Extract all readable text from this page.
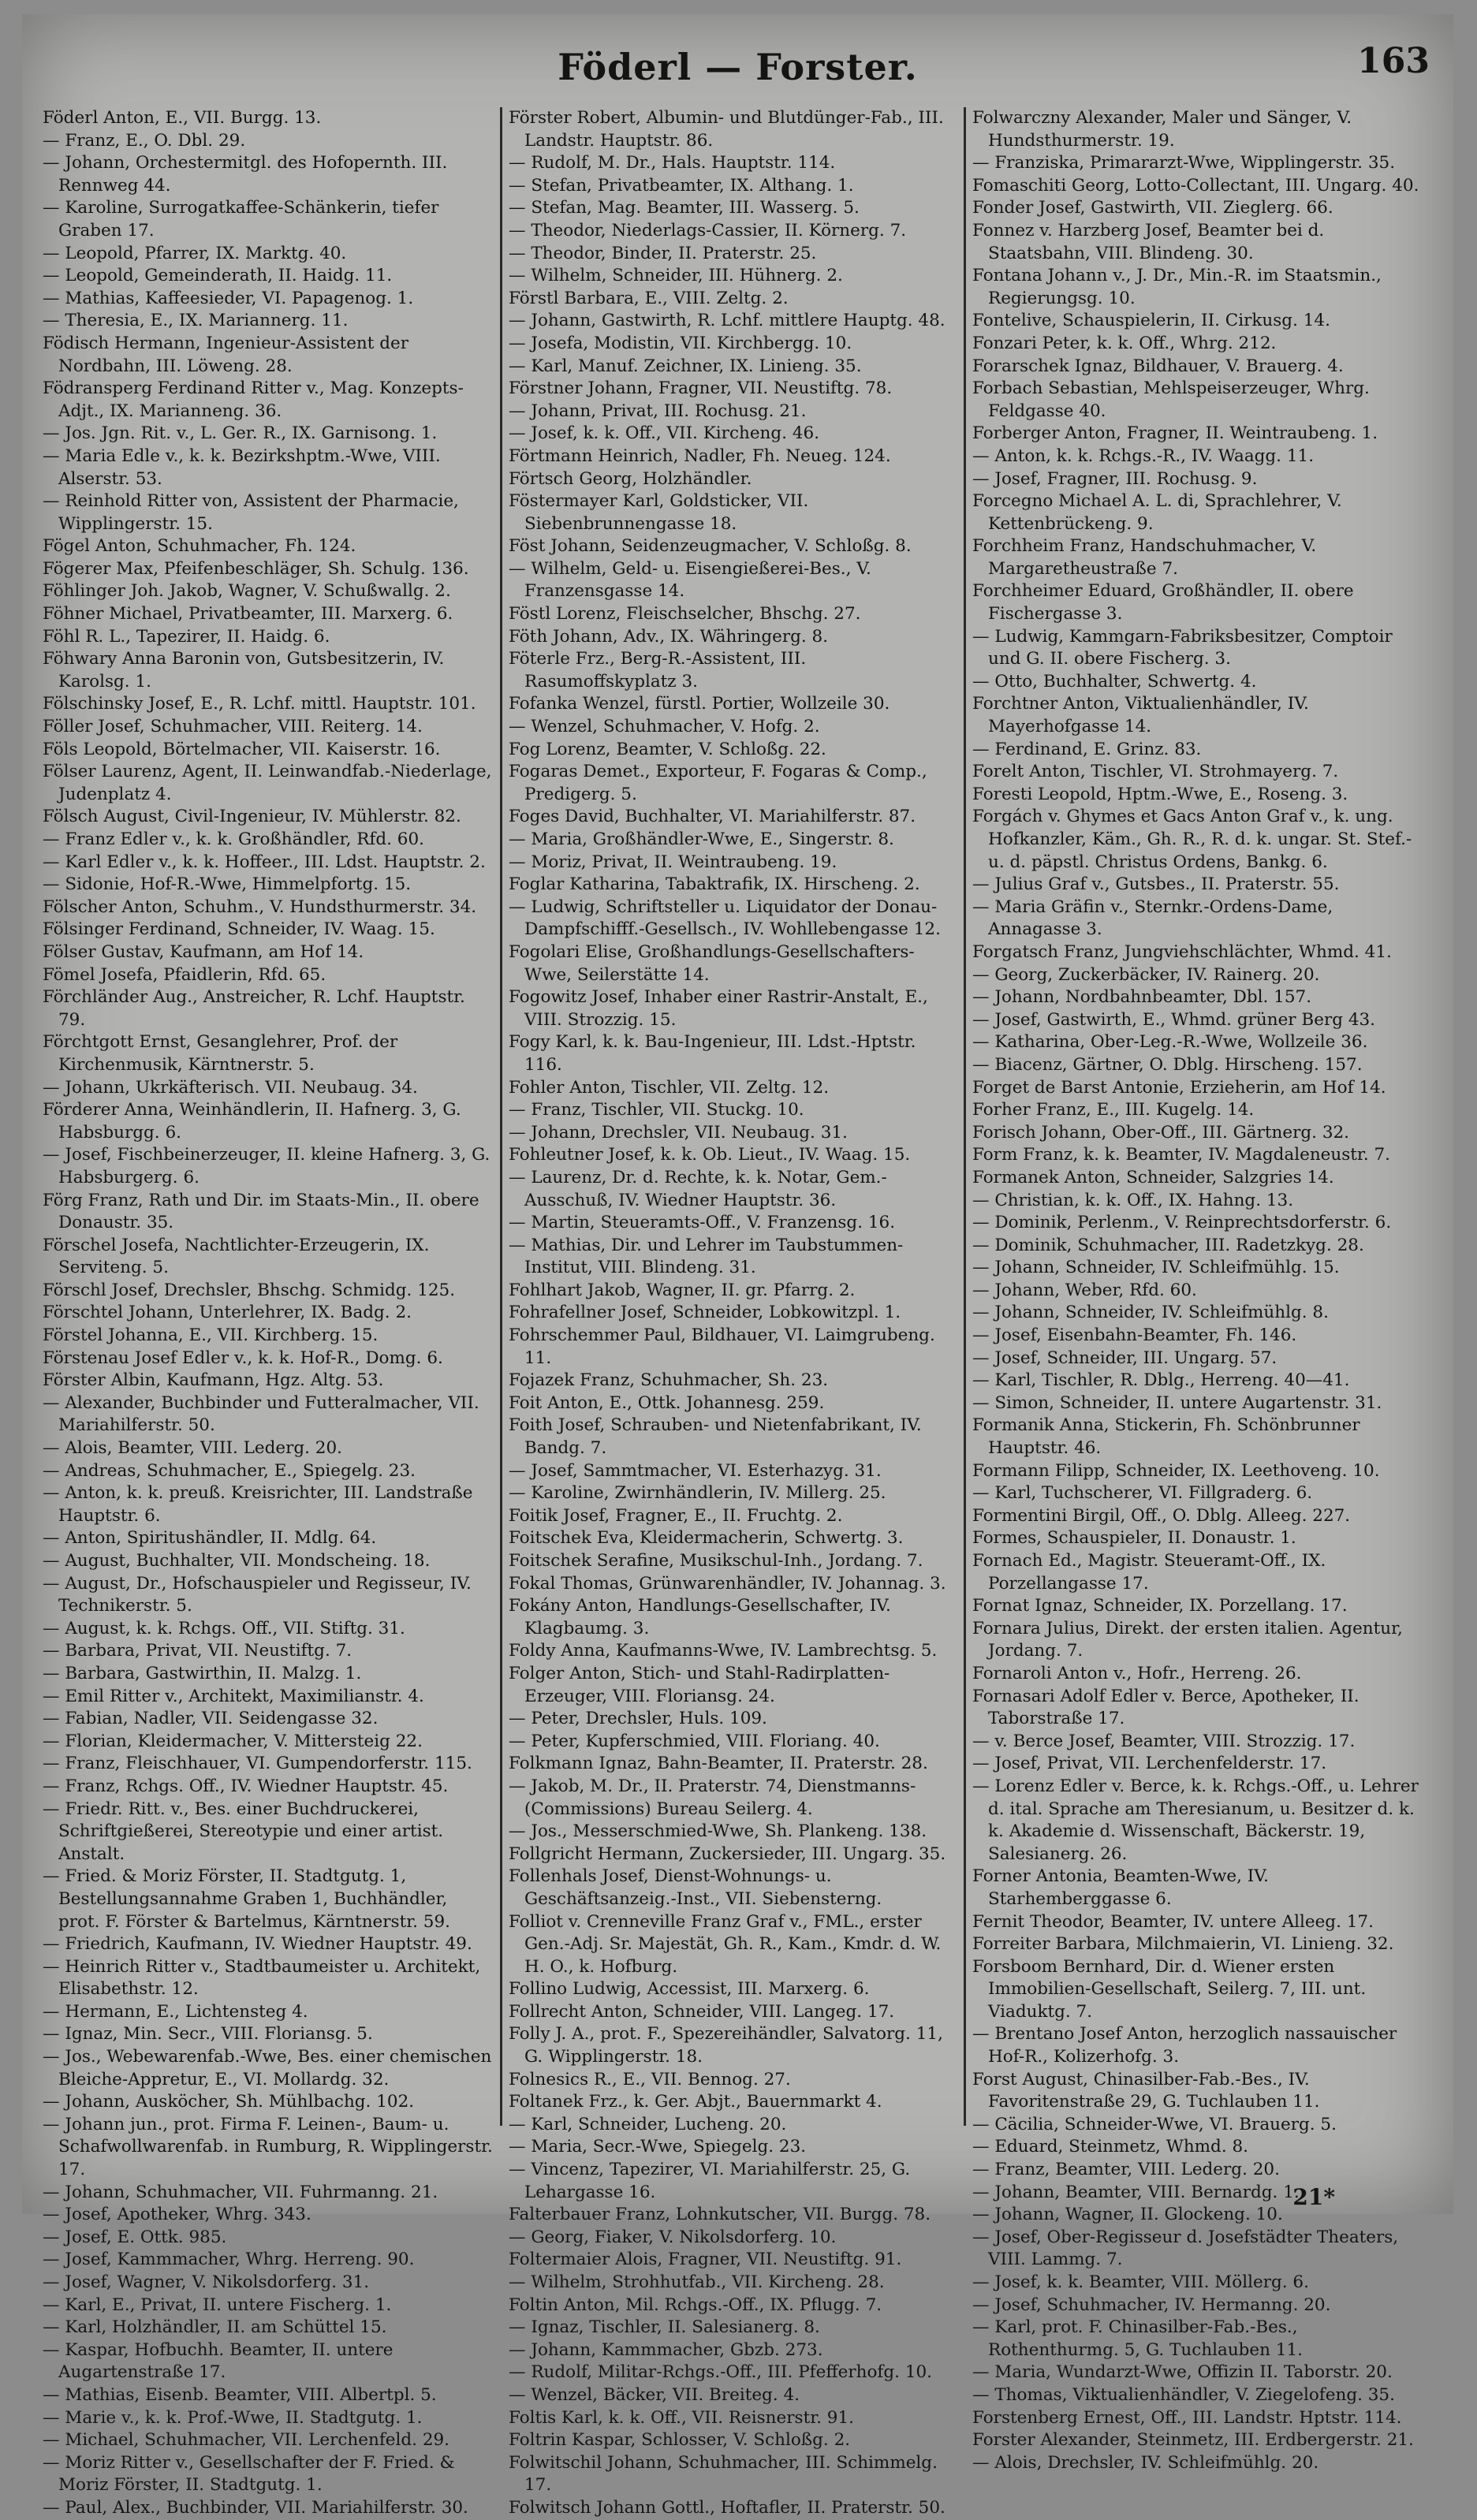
Föderl — Forster.	163

Föderl Anton, E., VII. Burgg. 13.

— Franz, E., O. Dbl. 29.

— Johann, Orchestermitgl. des Hofopernth. III. Rennweg 44.

— Karoline, Surrogatkaffee-Schänkerin, tiefer Graben 17.

— Leopold, Pfarrer, IX. Marktg. 40.

— Leopold, Gemeinderath, II. Haidg. 11.

— Mathias, Kaffeesieder, VI. Papagenog. 1.

— Theresia, E., IX. Mariannerg. 11.

Födisch Hermann, Ingenieur-Assistent der Nordbahn, III. Löweng. 28.

Födransperg Ferdinand Ritter v., Mag. Konzepts-Adjt., IX. Marianneng. 36.

— Jos. Jgn. Rit. v., L. Ger. R., IX. Garnisong. 1.

— Maria Edle v., k. k. Bezirkshptm.-Wwe, VIII. Alserstr. 53.

— Reinhold Ritter von, Assistent der Pharmacie, Wipplingerstr. 15.

Fögel Anton, Schuhmacher, Fh. 124.

Fögerer Max, Pfeifenbeschläger, Sh. Schulg. 136.

Föhlinger Joh. Jakob, Wagner, V. Schußwallg. 2.

Föhner Michael, Privatbeamter, III. Marxerg. 6.

Föhl R. L., Tapezirer, II. Haidg. 6.

Föhwary Anna Baronin von, Gutsbesitzerin, IV. Karolsg. 1.

Fölschinsky Josef, E., R. Lchf. mittl. Hauptstr. 101.

Föller Josef, Schuhmacher, VIII. Reiterg. 14.

Föls Leopold, Börtelmacher, VII. Kaiserstr. 16.

Fölser Laurenz, Agent, II. Leinwandfab.-Niederlage, Judenplatz 4.

Fölsch August, Civil-Ingenieur, IV. Mühlerstr. 82.

— Franz Edler v., k. k. Großhändler, Rfd. 60.

— Karl Edler v., k. k. Hoffeer., III. Ldst. Hauptstr. 2.

— Sidonie, Hof-R.-Wwe, Himmelpfortg. 15.

Fölscher Anton, Schuhm., V. Hundsthurmerstr. 34.

Fölsinger Ferdinand, Schneider, IV. Waag. 15.

Fölser Gustav, Kaufmann, am Hof 14.

Fömel Josefa, Pfaidlerin, Rfd. 65.

Förchländer Aug., Anstreicher, R. Lchf. Hauptstr. 79.

Förchtgott Ernst, Gesanglehrer, Prof. der Kirchenmusik, Kärntnerstr. 5.

— Johann, Ukrkäfterisch. VII. Neubaug. 34.

Förderer Anna, Weinhändlerin, II. Hafnerg. 3, G. Habsburgg. 6.

— Josef, Fischbeinerzeuger, II. kleine Hafnerg. 3, G. Habsburgerg. 6.

Förg Franz, Rath und Dir. im Staats-Min., II. obere Donaustr. 35.

Förschel Josefa, Nachtlichter-Erzeugerin, IX. Serviteng. 5.

Förschl Josef, Drechsler, Bhschg. Schmidg. 125.

Förschtel Johann, Unterlehrer, IX. Badg. 2.

Förstel Johanna, E., VII. Kirchberg. 15.

Förstenau Josef Edler v., k. k. Hof-R., Domg. 6.

Förster Albin, Kaufmann, Hgz. Altg. 53.

— Alexander, Buchbinder und Futteralmacher, VII. Mariahilferstr. 50.

— Alois, Beamter, VIII. Lederg. 20.

— Andreas, Schuhmacher, E., Spiegelg. 23.

— Anton, k. k. preuß. Kreisrichter, III. Landstraße Hauptstr. 6.

— Anton, Spiritushändler, II. Mdlg. 64.

— August, Buchhalter, VII. Mondscheing. 18.

— August, Dr., Hofschauspieler und Regisseur, IV. Technikerstr. 5.

— August, k. k. Rchgs. Off., VII. Stiftg. 31.

— Barbara, Privat, VII. Neustiftg. 7.

— Barbara, Gastwirthin, II. Malzg. 1.

— Emil Ritter v., Architekt, Maximilianstr. 4.

— Fabian, Nadler, VII. Seidengasse 32.

— Florian, Kleidermacher, V. Mittersteig 22.

— Franz, Fleischhauer, VI. Gumpendorferstr. 115.

— Franz, Rchgs. Off., IV. Wiedner Hauptstr. 45.

— Friedr. Ritt. v., Bes. einer Buchdruckerei, Schriftgießerei, Stereotypie und einer artist. Anstalt.

— Fried. & Moriz Förster, II. Stadtgutg. 1, Bestellungsannahme Graben 1, Buchhändler, prot. F. Förster & Bartelmus, Kärntnerstr. 59.

— Friedrich, Kaufmann, IV. Wiedner Hauptstr. 49.

— Heinrich Ritter v., Stadtbaumeister u. Architekt, Elisabethstr. 12.

— Hermann, E., Lichtensteg 4.

— Ignaz, Min. Secr., VIII. Floriansg. 5.

— Jos., Webewarenfab.-Wwe, Bes. einer chemischen Bleiche-Appretur, E., VI. Mollardg. 32.

— Johann, Ausköcher, Sh. Mühlbachg. 102.

— Johann jun., prot. Firma F. Leinen-, Baum- u. Schafwollwarenfab. in Rumburg, R. Wipplingerstr. 17.

— Johann, Schuhmacher, VII. Fuhrmanng. 21.

— Josef, Apotheker, Whrg. 343.

— Josef, E. Ottk. 985.

— Josef, Kammmacher, Whrg. Herreng. 90.

— Josef, Wagner, V. Nikolsdorferg. 31.

— Karl, E., Privat, II. untere Fischerg. 1.

— Karl, Holzhändler, II. am Schüttel 15.

— Kaspar, Hofbuchh. Beamter, II. untere Augartenstraße 17.

— Mathias, Eisenb. Beamter, VIII. Albertpl. 5.

— Marie v., k. k. Prof.-Wwe, II. Stadtgutg. 1.

— Michael, Schuhmacher, VII. Lerchenfeld. 29.

— Moriz Ritter v., Gesellschafter der F. Fried. & Moriz Förster, II. Stadtgutg. 1.

— Paul, Alex., Buchbinder, VII. Mariahilferstr. 30.

Förster Robert, Albumin- und Blutdünger-Fab., III. Landstr. Hauptstr. 86.

— Rudolf, M. Dr., Hals. Hauptstr. 114.

— Stefan, Privatbeamter, IX. Althang. 1.

— Stefan, Mag. Beamter, III. Wasserg. 5.

— Theodor, Niederlags-Cassier, II. Körnerg. 7.

— Theodor, Binder, II. Praterstr. 25.

— Wilhelm, Schneider, III. Hühnerg. 2.

Förstl Barbara, E., VIII. Zeltg. 2.

— Johann, Gastwirth, R. Lchf. mittlere Hauptg. 48.

— Josefa, Modistin, VII. Kirchbergg. 10.

— Karl, Manuf. Zeichner, IX. Linieng. 35.

Förstner Johann, Fragner, VII. Neustiftg. 78.

— Johann, Privat, III. Rochusg. 21.

— Josef, k. k. Off., VII. Kircheng. 46.

Förtmann Heinrich, Nadler, Fh. Neueg. 124.

Förtsch Georg, Holzhändler.

Föstermayer Karl, Goldsticker, VII. Siebenbrunnengasse 18.

Föst Johann, Seidenzeugmacher, V. Schloßg. 8.

— Wilhelm, Geld- u. Eisengießerei-Bes., V. Franzensgasse 14.

Föstl Lorenz, Fleischselcher, Bhschg. 27.

Föth Johann, Adv., IX. Währingerg. 8.

Föterle Frz., Berg-R.-Assistent, III. Rasumoffskyplatz 3.

Fofanka Wenzel, fürstl. Portier, Wollzeile 30.

— Wenzel, Schuhmacher, V. Hofg. 2.

Fog Lorenz, Beamter, V. Schloßg. 22.

Fogaras Demet., Exporteur, F. Fogaras & Comp., Predigerg. 5.

Foges David, Buchhalter, VI. Mariahilferstr. 87.

— Maria, Großhändler-Wwe, E., Singerstr. 8.

— Moriz, Privat, II. Weintraubeng. 19.

Foglar Katharina, Tabaktrafik, IX. Hirscheng. 2.

— Ludwig, Schriftsteller u. Liquidator der Donau-Dampfschifff.-Gesellsch., IV. Wohllebengasse 12.

Fogolari Elise, Großhandlungs-Gesellschafters-Wwe, Seilerstätte 14.

Fogowitz Josef, Inhaber einer Rastrir-Anstalt, E., VIII. Strozzig. 15.

Fogy Karl, k. k. Bau-Ingenieur, III. Ldst.-Hptstr. 116.

Fohler Anton, Tischler, VII. Zeltg. 12.

— Franz, Tischler, VII. Stuckg. 10.

— Johann, Drechsler, VII. Neubaug. 31.

Fohleutner Josef, k. k. Ob. Lieut., IV. Waag. 15.

— Laurenz, Dr. d. Rechte, k. k. Notar, Gem.-Ausschuß, IV. Wiedner Hauptstr. 36.

— Martin, Steueramts-Off., V. Franzensg. 16.

— Mathias, Dir. und Lehrer im Taubstummen-Institut, VIII. Blindeng. 31.

Fohlhart Jakob, Wagner, II. gr. Pfarrg. 2.

Fohrafellner Josef, Schneider, Lobkowitzpl. 1.

Fohrschemmer Paul, Bildhauer, VI. Laimgrubeng. 11.

Fojazek Franz, Schuhmacher, Sh. 23.

Foit Anton, E., Ottk. Johannesg. 259.

Foith Josef, Schrauben- und Nietenfabrikant, IV. Bandg. 7.

— Josef, Sammtmacher, VI. Esterhazyg. 31.

— Karoline, Zwirnhändlerin, IV. Millerg. 25.

Foitik Josef, Fragner, E., II. Fruchtg. 2.

Foitschek Eva, Kleidermacherin, Schwertg. 3.

Foitschek Serafine, Musikschul-Inh., Jordang. 7.

Fokal Thomas, Grünwarenhändler, IV. Johannag. 3.

Fokány Anton, Handlungs-Gesellschafter, IV. Klagbaumg. 3.

Foldy Anna, Kaufmanns-Wwe, IV. Lambrechtsg. 5.

Folger Anton, Stich- und Stahl-Radirplatten-Erzeuger, VIII. Floriansg. 24.

— Peter, Drechsler, Huls. 109.

— Peter, Kupferschmied, VIII. Floriang. 40.

Folkmann Ignaz, Bahn-Beamter, II. Praterstr. 28.

— Jakob, M. Dr., II. Praterstr. 74, Dienstmanns-(Commissions) Bureau Seilerg. 4.

— Jos., Messerschmied-Wwe, Sh. Plankeng. 138.

Follgricht Hermann, Zuckersieder, III. Ungarg. 35.

Follenhals Josef, Dienst-Wohnungs- u. Geschäftsanzeig.-Inst., VII. Siebensterng.

Folliot v. Crenneville Franz Graf v., FML., erster Gen.-Adj. Sr. Majestät, Gh. R., Kam., Kmdr. d. W. H. O., k. Hofburg.

Follino Ludwig, Accessist, III. Marxerg. 6.

Follrecht Anton, Schneider, VIII. Langeg. 17.

Folly J. A., prot. F., Spezereihändler, Salvatorg. 11, G. Wipplingerstr. 18.

Folnesics R., E., VII. Bennog. 27.

Foltanek Frz., k. Ger. Abjt., Bauernmarkt 4.

— Karl, Schneider, Lucheng. 20.

— Maria, Secr.-Wwe, Spiegelg. 23.

— Vincenz, Tapezirer, VI. Mariahilferstr. 25, G. Lehargasse 16.

Falterbauer Franz, Lohnkutscher, VII. Burgg. 78.

— Georg, Fiaker, V. Nikolsdorferg. 10.

Foltermaier Alois, Fragner, VII. Neustiftg. 91.

— Wilhelm, Strohhutfab., VII. Kircheng. 28.

Foltin Anton, Mil. Rchgs.-Off., IX. Pflugg. 7.

— Ignaz, Tischler, II. Salesianerg. 8.

— Johann, Kammmacher, Gbzb. 273.

— Rudolf, Militar-Rchgs.-Off., III. Pfefferhofg. 10.

— Wenzel, Bäcker, VII. Breiteg. 4.

Foltis Karl, k. k. Off., VII. Reisnerstr. 91.

Foltrin Kaspar, Schlosser, V. Schloßg. 2.

Folwitschil Johann, Schuhmacher, III. Schimmelg. 17.

Folwitsch Johann Gottl., Hoftafler, II. Praterstr. 50.

Folwarczny Alexander, Maler und Sänger, V. Hundsthurmerstr. 19.

— Franziska, Primararzt-Wwe, Wipplingerstr. 35.

Fomaschiti Georg, Lotto-Collectant, III. Ungarg. 40.

Fonder Josef, Gastwirth, VII. Zieglerg. 66.

Fonnez v. Harzberg Josef, Beamter bei d. Staatsbahn, VIII. Blindeng. 30.

Fontana Johann v., J. Dr., Min.-R. im Staatsmin., Regierungsg. 10.

Fontelive, Schauspielerin, II. Cirkusg. 14.

Fonzari Peter, k. k. Off., Whrg. 212.

Forarschek Ignaz, Bildhauer, V. Brauerg. 4.

Forbach Sebastian, Mehlspeiserzeuger, Whrg. Feldgasse 40.

Forberger Anton, Fragner, II. Weintraubeng. 1.

— Anton, k. k. Rchgs.-R., IV. Waagg. 11.

— Josef, Fragner, III. Rochusg. 9.

Forcegno Michael A. L. di, Sprachlehrer, V. Kettenbrückeng. 9.

Forchheim Franz, Handschuhmacher, V. Margaretheustraße 7.

Forchheimer Eduard, Großhändler, II. obere Fischergasse 3.

— Ludwig, Kammgarn-Fabriksbesitzer, Comptoir und G. II. obere Fischerg. 3.

— Otto, Buchhalter, Schwertg. 4.

Forchtner Anton, Viktualienhändler, IV. Mayerhofgasse 14.

— Ferdinand, E. Grinz. 83.

Forelt Anton, Tischler, VI. Strohmayerg. 7.

Foresti Leopold, Hptm.-Wwe, E., Roseng. 3.

Forgách v. Ghymes et Gacs Anton Graf v., k. ung. Hofkanzler, Käm., Gh. R., R. d. k. ungar. St. Stef.- u. d. päpstl. Christus Ordens, Bankg. 6.

— Julius Graf v., Gutsbes., II. Praterstr. 55.

— Maria Gräfin v., Sternkr.-Ordens-Dame, Annagasse 3.

Forgatsch Franz, Jungviehschlächter, Whmd. 41.

— Georg, Zuckerbäcker, IV. Rainerg. 20.

— Johann, Nordbahnbeamter, Dbl. 157.

— Josef, Gastwirth, E., Whmd. grüner Berg 43.

— Katharina, Ober-Leg.-R.-Wwe, Wollzeile 36.

— Biacenz, Gärtner, O. Dblg. Hirscheng. 157.

Forget de Barst Antonie, Erzieherin, am Hof 14.

Forher Franz, E., III. Kugelg. 14.

Forisch Johann, Ober-Off., III. Gärtnerg. 32.

Form Franz, k. k. Beamter, IV. Magdaleneustr. 7.

Formanek Anton, Schneider, Salzgries 14.

— Christian, k. k. Off., IX. Hahng. 13.

— Dominik, Perlenm., V. Reinprechtsdorferstr. 6.

— Dominik, Schuhmacher, III. Radetzkyg. 28.

— Johann, Schneider, IV. Schleifmühlg. 15.

— Johann, Weber, Rfd. 60.

— Johann, Schneider, IV. Schleifmühlg. 8.

— Josef, Eisenbahn-Beamter, Fh. 146.

— Josef, Schneider, III. Ungarg. 57.

— Karl, Tischler, R. Dblg., Herreng. 40—41.

— Simon, Schneider, II. untere Augartenstr. 31.

Formanik Anna, Stickerin, Fh. Schönbrunner Hauptstr. 46.

Formann Filipp, Schneider, IX. Leethoveng. 10.

— Karl, Tuchscherer, VI. Fillgraderg. 6.

Formentini Birgil, Off., O. Dblg. Alleeg. 227.

Formes, Schauspieler, II. Donaustr. 1.

Fornach Ed., Magistr. Steueramt-Off., IX. Porzellangasse 17.

Fornat Ignaz, Schneider, IX. Porzellang. 17.

Fornara Julius, Direkt. der ersten italien. Agentur, Jordang. 7.

Fornaroli Anton v., Hofr., Herreng. 26.

Fornasari Adolf Edler v. Berce, Apotheker, II. Taborstraße 17.

— v. Berce Josef, Beamter, VIII. Strozzig. 17.

— Josef, Privat, VII. Lerchenfelderstr. 17.

— Lorenz Edler v. Berce, k. k. Rchgs.-Off., u. Lehrer d. ital. Sprache am Theresianum, u. Besitzer d. k. k. Akademie d. Wissenschaft, Bäckerstr. 19, Salesianerg. 26.

Forner Antonia, Beamten-Wwe, IV. Starhemberggasse 6.

Fernit Theodor, Beamter, IV. untere Alleeg. 17.

Forreiter Barbara, Milchmaierin, VI. Linieng. 32.

Forsboom Bernhard, Dir. d. Wiener ersten Immobilien-Gesellschaft, Seilerg. 7, III. unt. Viaduktg. 7.

— Brentano Josef Anton, herzoglich nassauischer Hof-R., Kolizerhofg. 3.

Forst August, Chinasilber-Fab.-Bes., IV. Favoritenstraße 29, G. Tuchlauben 11.

— Cäcilia, Schneider-Wwe, VI. Brauerg. 5.

— Eduard, Steinmetz, Whmd. 8.

— Franz, Beamter, VIII. Lederg. 20.

— Johann, Beamter, VIII. Bernardg. 1.

— Johann, Wagner, II. Glockeng. 10.

— Josef, Ober-Regisseur d. Josefstädter Theaters, VIII. Lammg. 7.

— Josef, k. k. Beamter, VIII. Möllerg. 6.

— Josef, Schuhmacher, IV. Hermanng. 20.

— Karl, prot. F. Chinasilber-Fab.-Bes., Rothenthurmg. 5, G. Tuchlauben 11.

— Maria, Wundarzt-Wwe, Offizin II. Taborstr. 20.

— Thomas, Viktualienhändler, V. Ziegelofeng. 35.

Forstenberg Ernest, Off., III. Landstr. Hptstr. 114.

Forster Alexander, Steinmetz, III. Erdbergerstr. 21.

— Alois, Drechsler, IV. Schleifmühlg. 20.

21*
